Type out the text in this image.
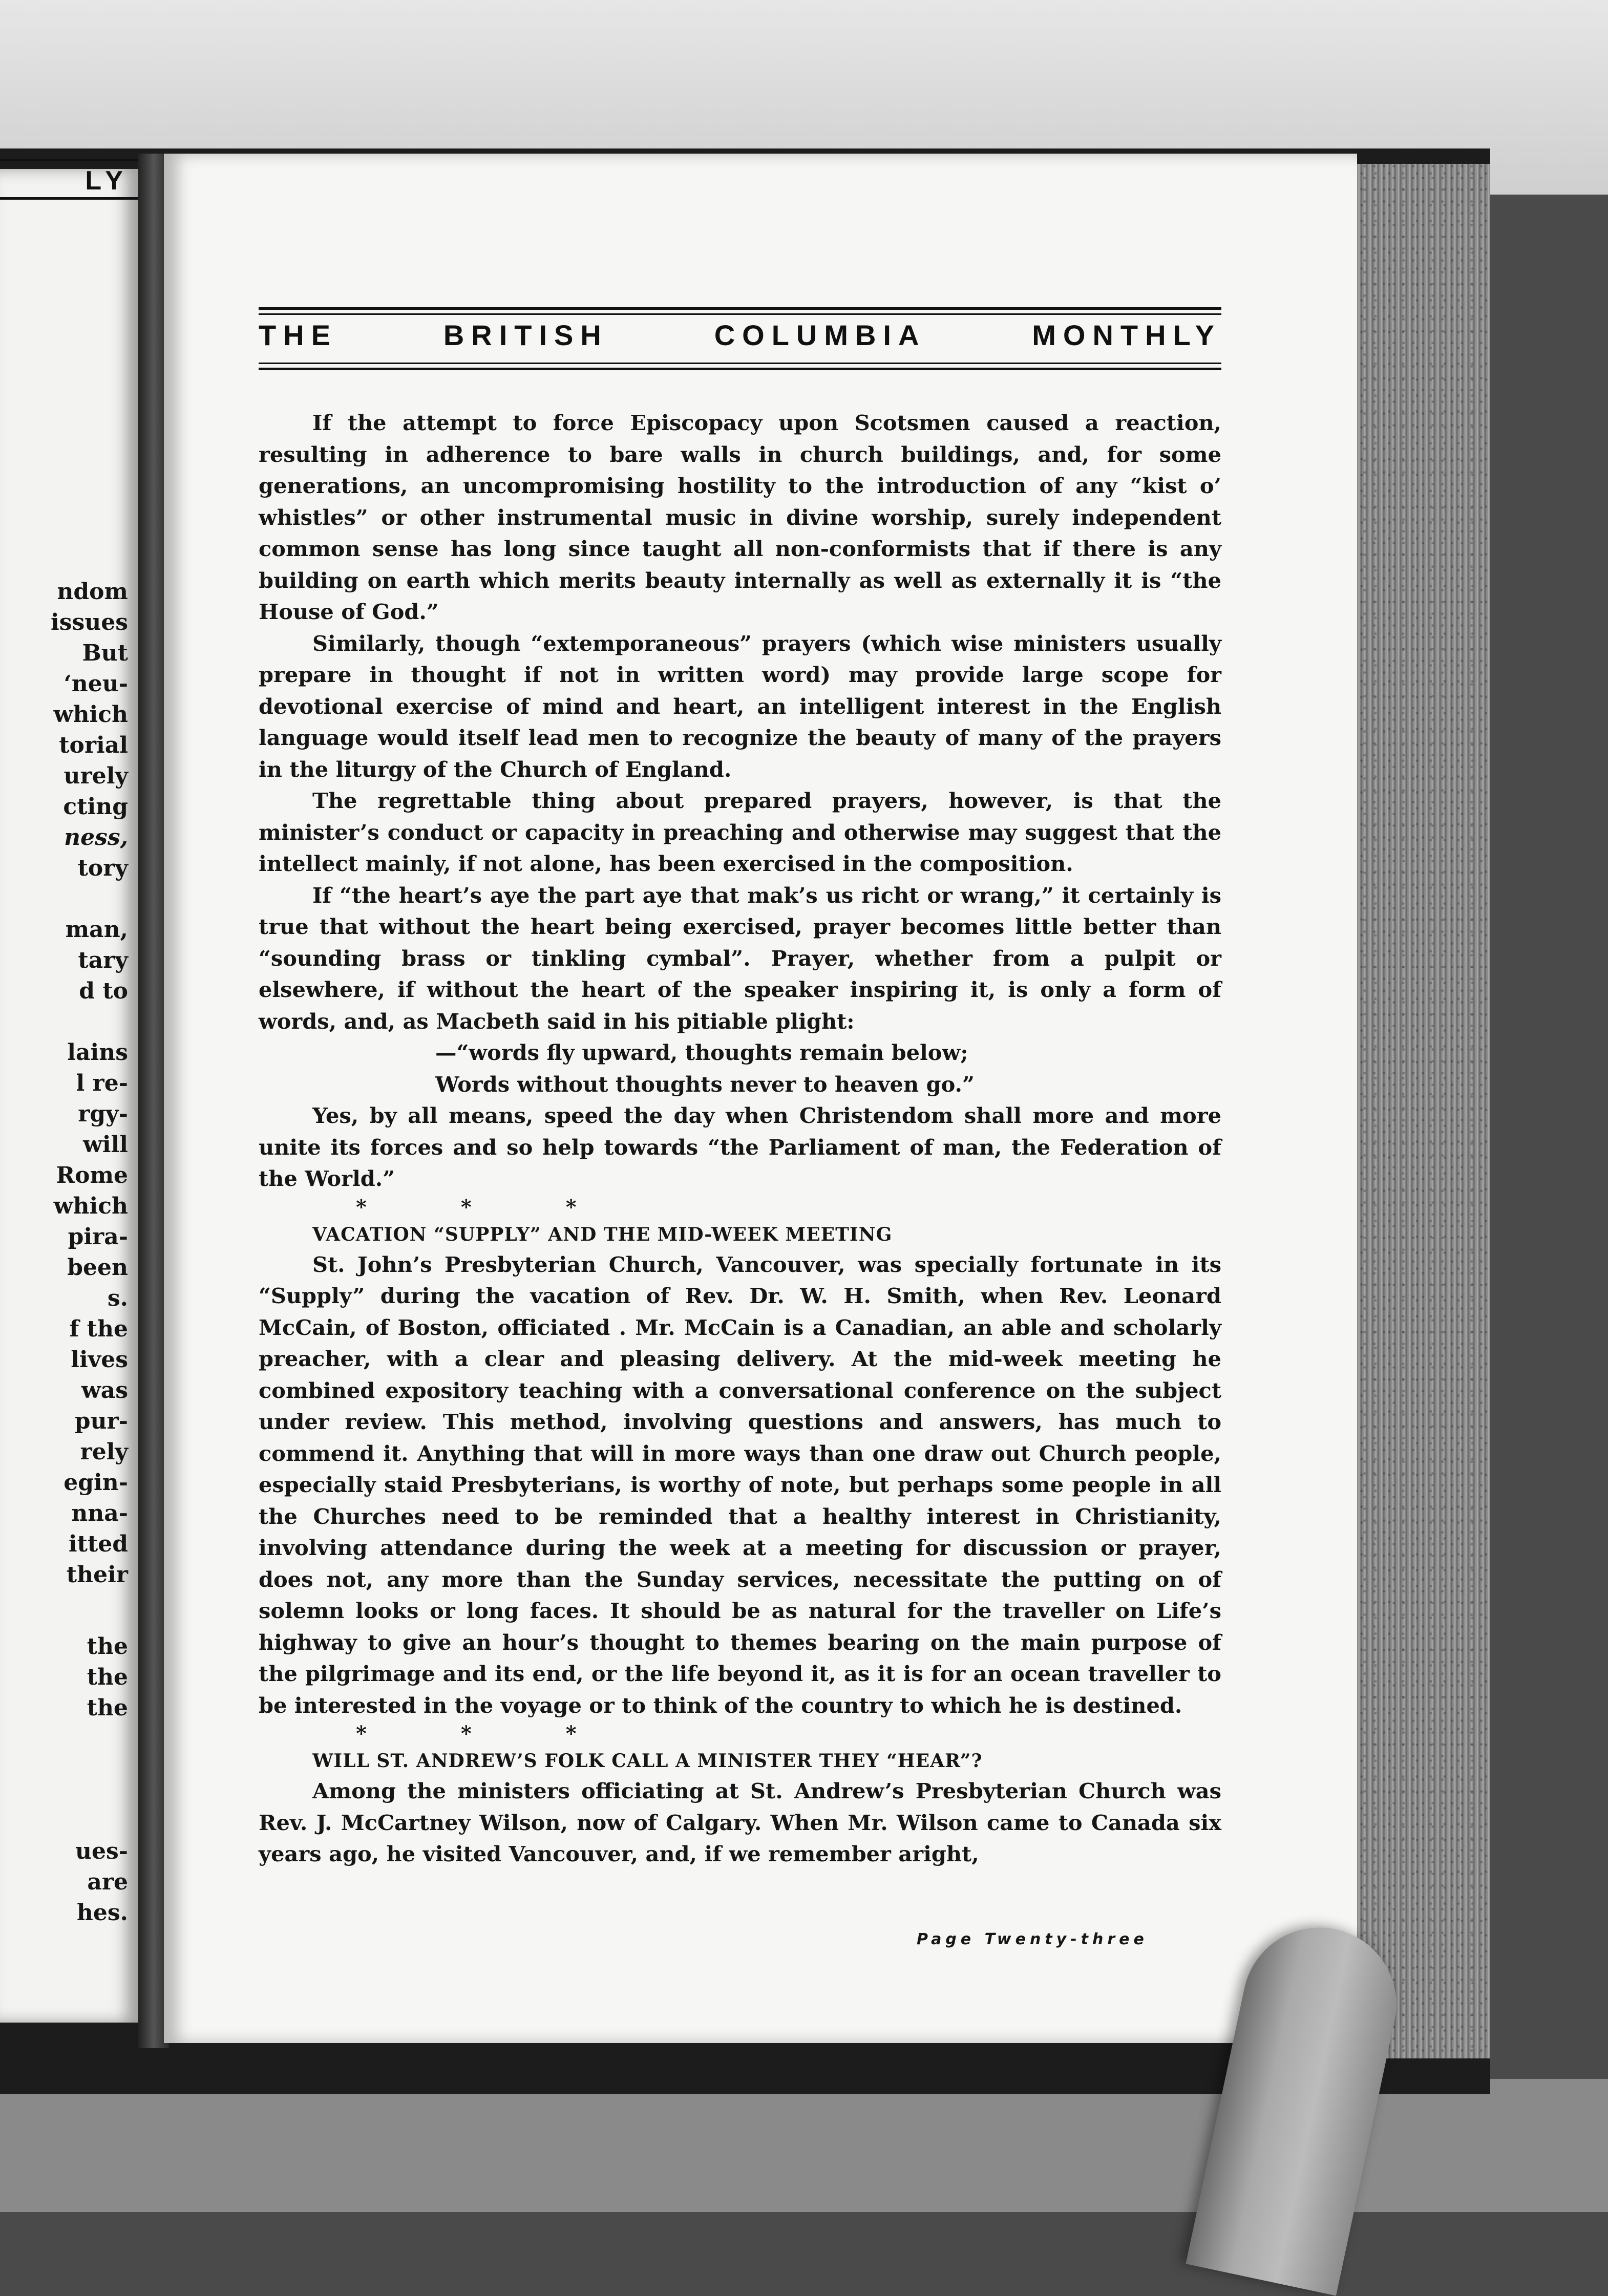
LY
ndom
issues
But
‘neu-
which
torial
urely
cting
ness,
tory
man,
tary
d to
lains
l re-
rgy-
will
Rome
which
pira-
been
s.
f the
lives
was
pur-
rely
egin-
nna-
itted
their
the
the
the
ues-
are
hes.
THE	BRITISH	COLUMBIA	MONTHLY

If the attempt to force Episcopacy upon Scotsmen caused a reaction, resulting in adherence to bare walls in church buildings, and, for some generations, an uncompromising hostility to the introduction of any “kist o’ whistles” or other instrumental music in divine worship, surely independent common sense has long since taught all non-conformists that if there is any building on earth which merits beauty internally as well as externally it is “the House of God.”

Similarly, though “extemporaneous” prayers (which wise ministers usually prepare in thought if not in written word) may provide large scope for devotional exercise of mind and heart, an intelligent interest in the English language would itself lead men to recognize the beauty of many of the prayers in the liturgy of the Church of England.

The regrettable thing about prepared prayers, however, is that the minister’s conduct or capacity in preaching and otherwise may suggest that the intellect mainly, if not alone, has been exercised in the composition.

If “the heart’s aye the part aye that mak’s us richt or wrang,” it certainly is true that without the heart being exercised, prayer becomes little better than “sounding brass or tinkling cymbal”. Prayer, whether from a pulpit or elsewhere, if without the heart of the speaker inspiring it, is only a form of words, and, as Macbeth said in his pitiable plight:

—“words fly upward, thoughts remain below;

Words without thoughts never to heaven go.”

Yes, by all means, speed the day when Christendom shall more and more unite its forces and so help towards “the Parliament of man, the Federation of the World.”

* * *

VACATION “SUPPLY” AND THE MID-WEEK MEETING

St. John’s Presbyterian Church, Vancouver, was specially fortunate in its “Supply” during the vacation of Rev. Dr. W. H. Smith, when Rev. Leonard McCain, of Boston, officiated . Mr. McCain is a Canadian, an able and scholarly preacher, with a clear and pleasing delivery. At the mid-week meeting he combined expository teaching with a conversational conference on the subject under review. This method, involving questions and answers, has much to commend it. Anything that will in more ways than one draw out Church people, especially staid Presbyterians, is worthy of note, but perhaps some people in all the Churches need to be reminded that a healthy interest in Christianity, involving attendance during the week at a meeting for discussion or prayer, does not, any more than the Sunday services, necessitate the putting on of solemn looks or long faces. It should be as natural for the traveller on Life’s highway to give an hour’s thought to themes bearing on the main purpose of the pilgrimage and its end, or the life beyond it, as it is for an ocean traveller to be interested in the voyage or to think of the country to which he is destined.

* * *

WILL ST. ANDREW’S FOLK CALL A MINISTER THEY “HEAR”?

Among the ministers officiating at St. Andrew’s Presbyterian Church was Rev. J. McCartney Wilson, now of Calgary. When Mr. Wilson came to Canada six years ago, he visited Vancouver, and, if we remember aright,

Page Twenty-three
